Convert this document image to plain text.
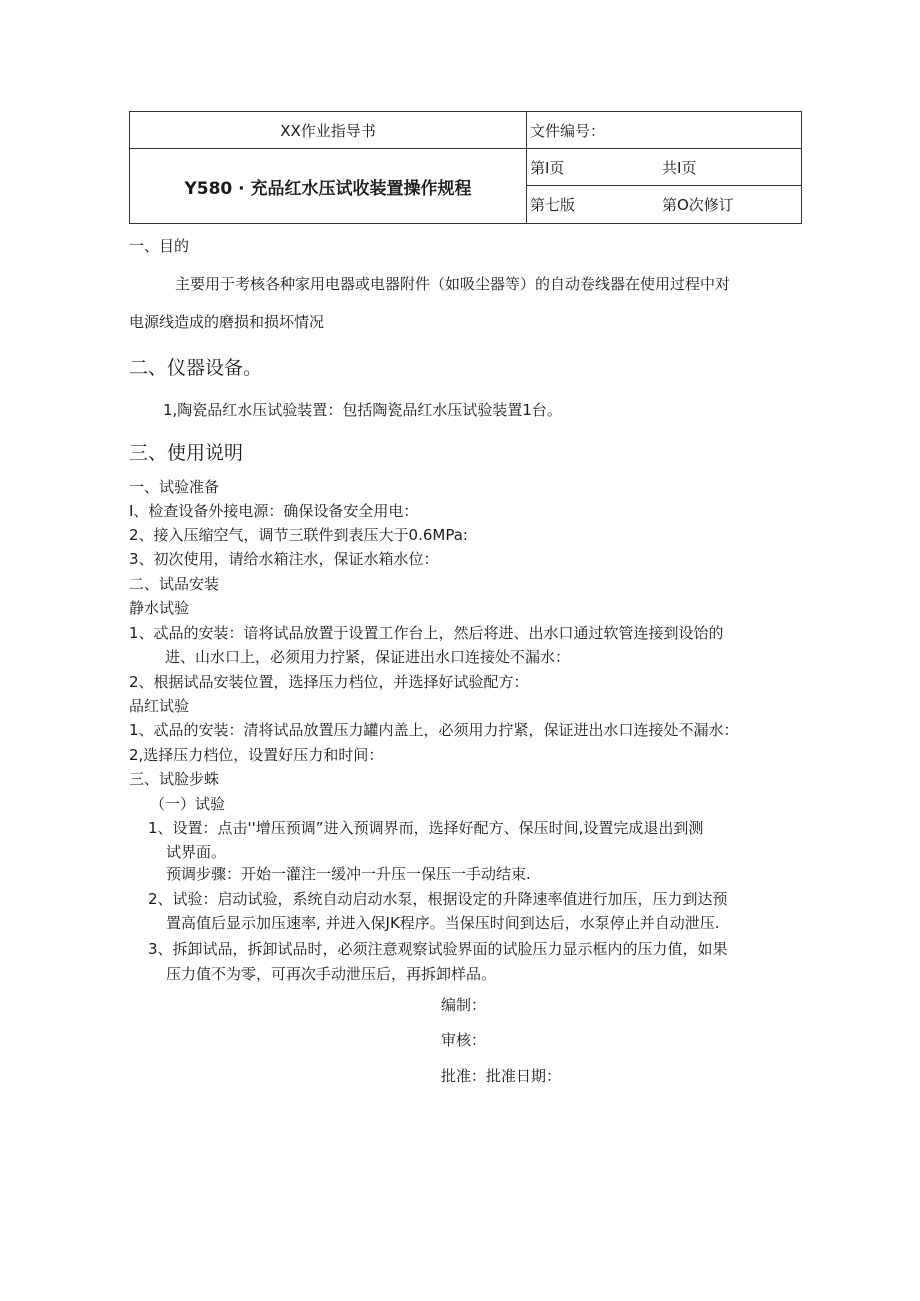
XX作业指导书	文件编号：
Y580 · 充品红水压试收装置操作规程	第I页 共I页
	第七版 第O次修订
一、目的
主要用于考核各种家用电器或电器附件（如吸尘器等）的自动卷线器在使用过程中对
电源线造成的磨损和损坏情况
二、仪器设备。
1,陶瓷品红水压试验装置：包括陶瓷品红水压试验装置1台。
三、使用说明
一、试验准备
I、检查设备外接电源：确保设备安全用电：
2、接入压缩空气，调节三联件到表压大于0.6MPa:
3、初次使用，请给水箱注水，保证水箱水位：
二、试品安装
静水试验
1、忒品的安装：谙将试品放置于设置工作台上，然后将进、出水口通过软管连接到设饴的
进、山水口上，必须用力拧紧，保证进出水口连接处不漏水：
2、根据试品安装位置，选择压力档位，并选择好试验配方：
品红试验
1、忒品的安装：清将试品放置压力罐内盖上，必须用力拧紧，保证进出水口连接处不漏水：
2,选择压力档位，设置好压力和时间：
三、试脸步蛛
（一）试验
1、设置：点击''增压预调”进入预调界而，选择好配方、保压时间,设置完成退出到测
试界面。
预调步骤：开始一灌注一缓冲一升压一保压一手动结束.
2、试验：启动试验，系统自动启动水泵，根据设定的升降速率值进行加压，压力到达预
置高值后显示加压速率, 并进入保JK程序。当保压时间到达后，水泵停止并自动泄压.
3、拆卸试品，拆卸试品时，必须注意观察试验界面的试脸压力显示框内的压力值，如果
压力值不为零，可再次手动泄压后，再拆卸样品。
编制：
审核：
批准：批准日期：
